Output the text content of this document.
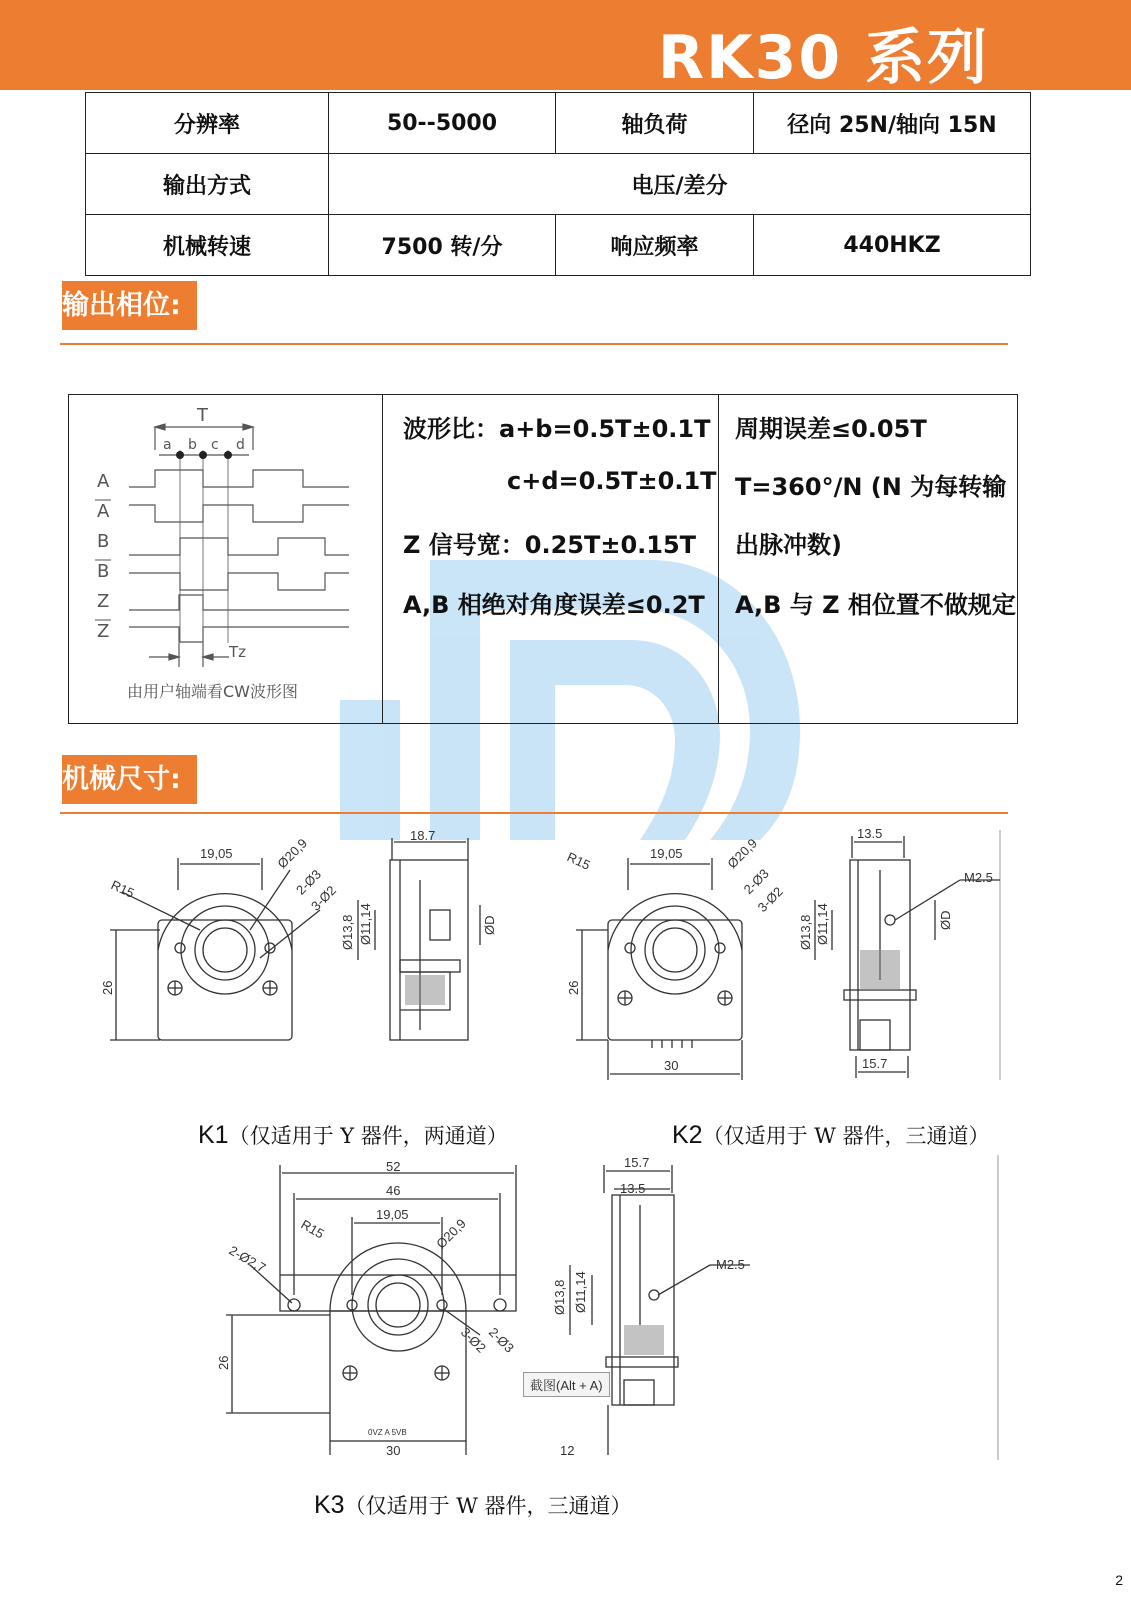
RK30 系列
分辨率	50--5000	轴负荷	径向 25N/轴向 15N
输出方式	电压/差分		
机械转速	7500 转/分	响应频率	440HKZ
输出相位:
T
a b c d
A
A
B
B
Z
Z
Tz
由用户轴端看CW波形图
波形比：a+b=0.5T±0.1T
c+d=0.5T±0.1T
Z 信号宽：0.25T±0.15T
A,B 相绝对角度误差≤0.2T
周期误差≤0.05T
T=360°/N (N 为每转输
出脉冲数)
A,B 与 Z 相位置不做规定
机械尺寸:
19,05	Ø20,9
R15	2-Ø3
3-Ø2
26
18.7
Ø13,8 Ø11,14	ØD
19,05	Ø20,9
R15
2-Ø3
3-Ø2
26
30
13.5
M2.5
Ø13,8 Ø11,14	ØD
15.7
K1（仅适用于 Y 器件，两通道）	K2（仅适用于 W 器件，三通道）
52
46
19,05
Ø20,9
R15
2-Ø2,7
3-Ø2
2-Ø3
26
30
15.7
13.5
M2.5
Ø13,8 Ø11,14
12
0VZ A 5VB
截图(Alt + A)
K3（仅适用于 W 器件，三通道）
2
